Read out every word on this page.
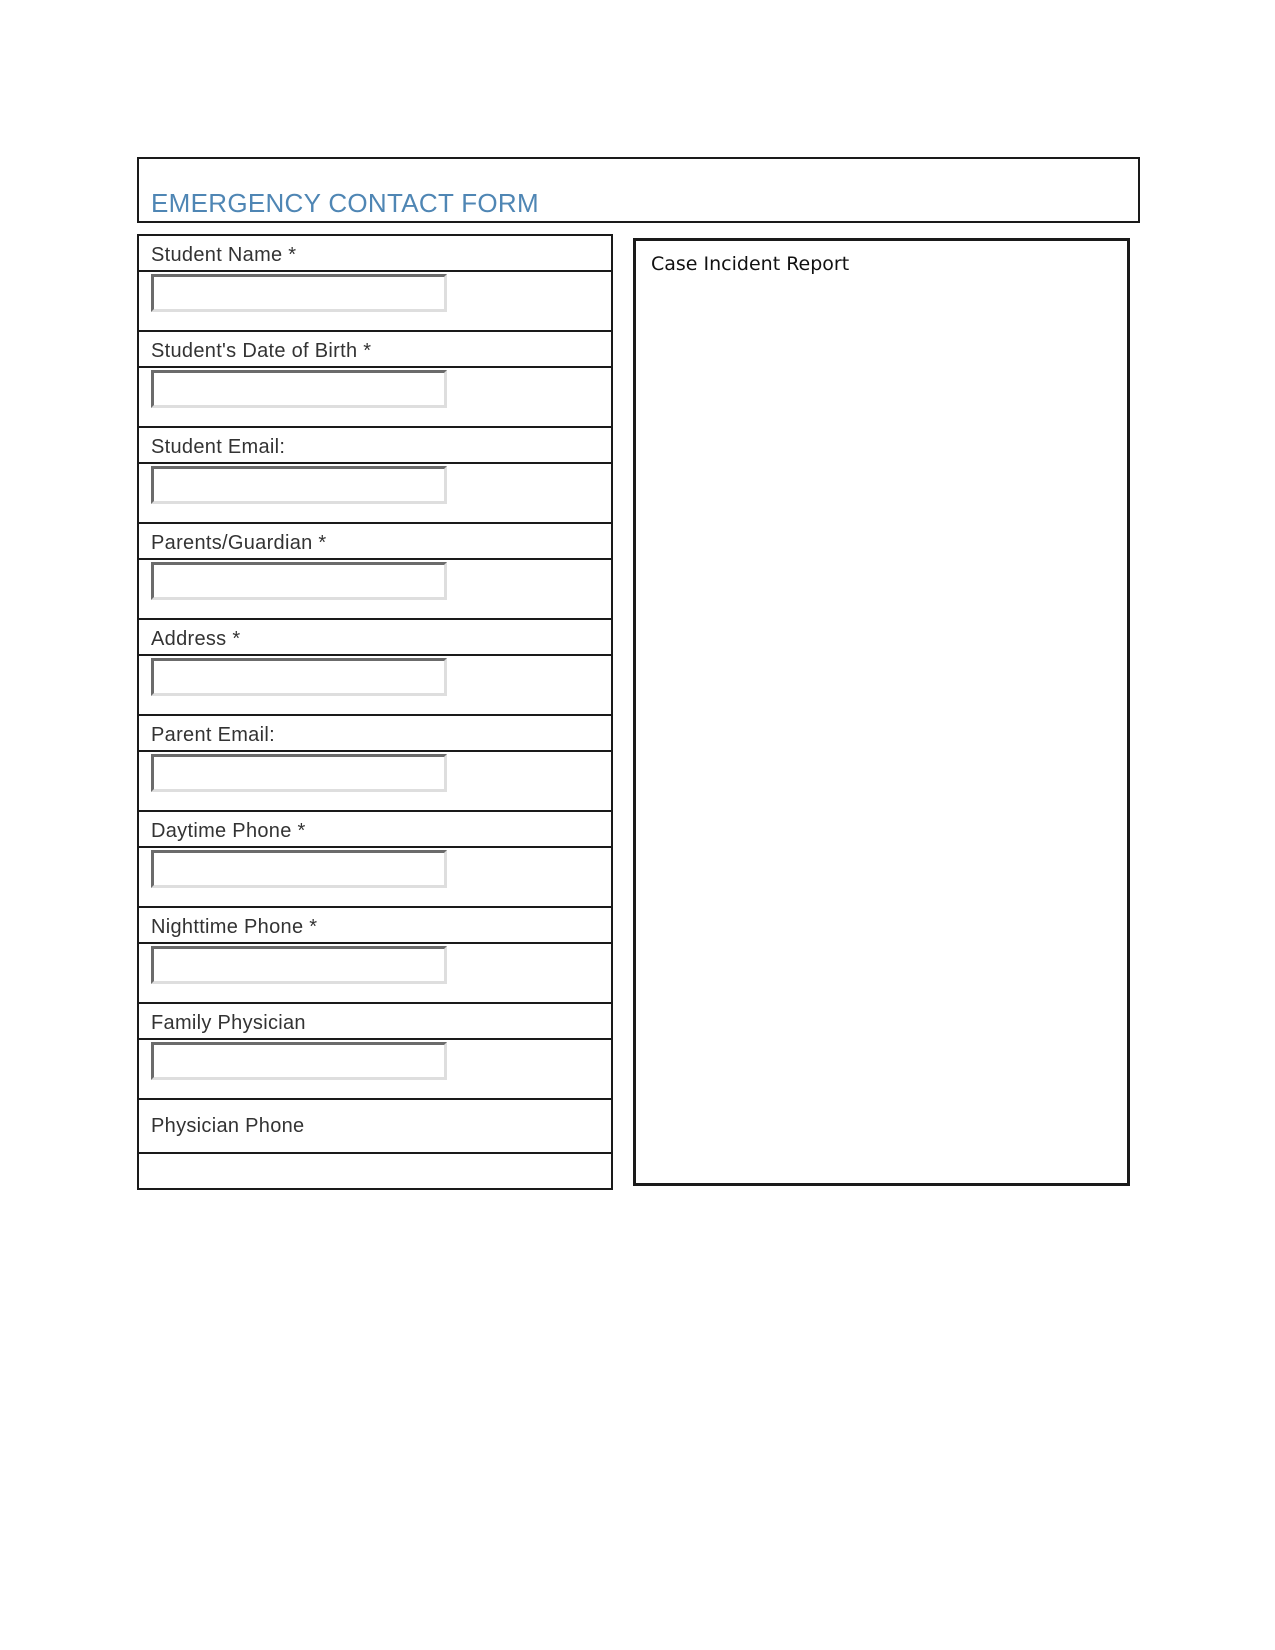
EMERGENCY CONTACT FORM
Student Name *

Student's Date of Birth *

Student Email:

Parents/Guardian *

Address *

Parent Email:

Daytime Phone *

Nighttime Phone *

Family Physician

Physician Phone

Case Incident Report
